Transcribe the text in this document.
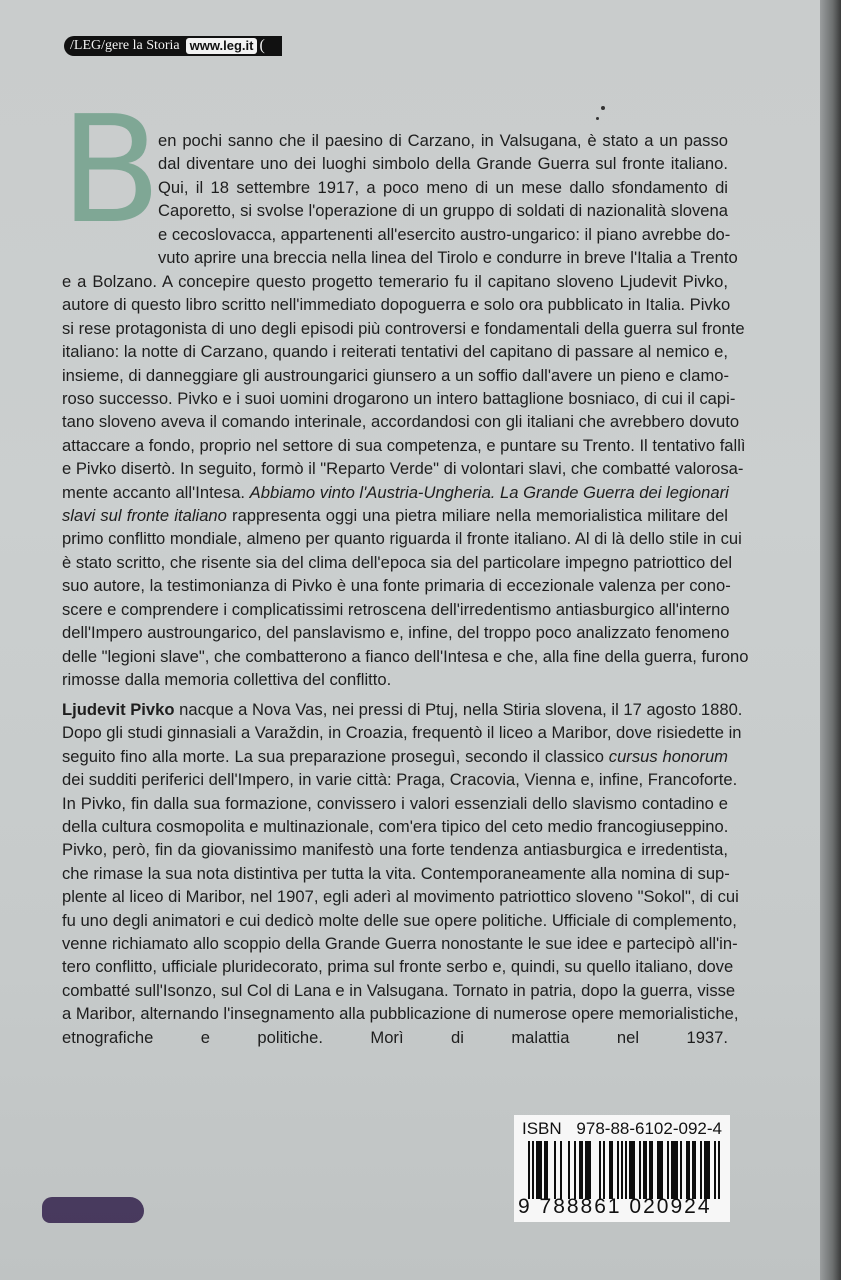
/LEG/gere la Storia www.leg.it (
B
en pochi sanno che il paesino di Carzano, in Valsugana, è stato a un passo
dal diventare uno dei luoghi simbolo della Grande Guerra sul fronte italiano.
Qui, il 18 settembre 1917, a poco meno di un mese dallo sfondamento di
Caporetto, si svolse l'operazione di un gruppo di soldati di nazionalità slovena
e cecoslovacca, appartenenti all'esercito austro-ungarico: il piano avrebbe do-
vuto aprire una breccia nella linea del Tirolo e condurre in breve l'Italia a Trento
e a Bolzano. A concepire questo progetto temerario fu il capitano sloveno Ljudevit Pivko,
autore di questo libro scritto nell'immediato dopoguerra e solo ora pubblicato in Italia. Pivko
si rese protagonista di uno degli episodi più controversi e fondamentali della guerra sul fronte
italiano: la notte di Carzano, quando i reiterati tentativi del capitano di passare al nemico e,
insieme, di danneggiare gli austroungarici giunsero a un soffio dall'avere un pieno e clamo-
roso successo. Pivko e i suoi uomini drogarono un intero battaglione bosniaco, di cui il capi-
tano sloveno aveva il comando interinale, accordandosi con gli italiani che avrebbero dovuto
attaccare a fondo, proprio nel settore di sua competenza, e puntare su Trento. Il tentativo fallì
e Pivko disertò. In seguito, formò il "Reparto Verde" di volontari slavi, che combatté valorosa-
mente accanto all'Intesa. Abbiamo vinto l'Austria-Ungheria. La Grande Guerra dei legionari
slavi sul fronte italiano rappresenta oggi una pietra miliare nella memorialistica militare del
primo conflitto mondiale, almeno per quanto riguarda il fronte italiano. Al di là dello stile in cui
è stato scritto, che risente sia del clima dell'epoca sia del particolare impegno patriottico del
suo autore, la testimonianza di Pivko è una fonte primaria di eccezionale valenza per cono-
scere e comprendere i complicatissimi retroscena dell'irredentismo antiasburgico all'interno
dell'Impero austroungarico, del panslavismo e, infine, del troppo poco analizzato fenomeno
delle "legioni slave", che combatterono a fianco dell'Intesa e che, alla fine della guerra, furono
rimosse dalla memoria collettiva del conflitto.
Ljudevit Pivko nacque a Nova Vas, nei pressi di Ptuj, nella Stiria slovena, il 17 agosto 1880.
Dopo gli studi ginnasiali a Varaždin, in Croazia, frequentò il liceo a Maribor, dove risiedette in
seguito fino alla morte. La sua preparazione proseguì, secondo il classico cursus honorum
dei sudditi periferici dell'Impero, in varie città: Praga, Cracovia, Vienna e, infine, Francoforte.
In Pivko, fin dalla sua formazione, convissero i valori essenziali dello slavismo contadino e
della cultura cosmopolita e multinazionale, com'era tipico del ceto medio francogiuseppino.
Pivko, però, fin da giovanissimo manifestò una forte tendenza antiasburgica e irredentista,
che rimase la sua nota distintiva per tutta la vita. Contemporaneamente alla nomina di sup-
plente al liceo di Maribor, nel 1907, egli aderì al movimento patriottico sloveno "Sokol", di cui
fu uno degli animatori e cui dedicò molte delle sue opere politiche. Ufficiale di complemento,
venne richiamato allo scoppio della Grande Guerra nonostante le sue idee e partecipò all'in-
tero conflitto, ufficiale pluridecorato, prima sul fronte serbo e, quindi, su quello italiano, dove
combatté sull'Isonzo, sul Col di Lana e in Valsugana. Tornato in patria, dopo la guerra, visse
a Maribor, alternando l'insegnamento alla pubblicazione di numerose opere memorialistiche,
etnografiche e politiche. Morì di malattia nel 1937.
ISBN 978-88-6102-092-4
9 788861 020924
